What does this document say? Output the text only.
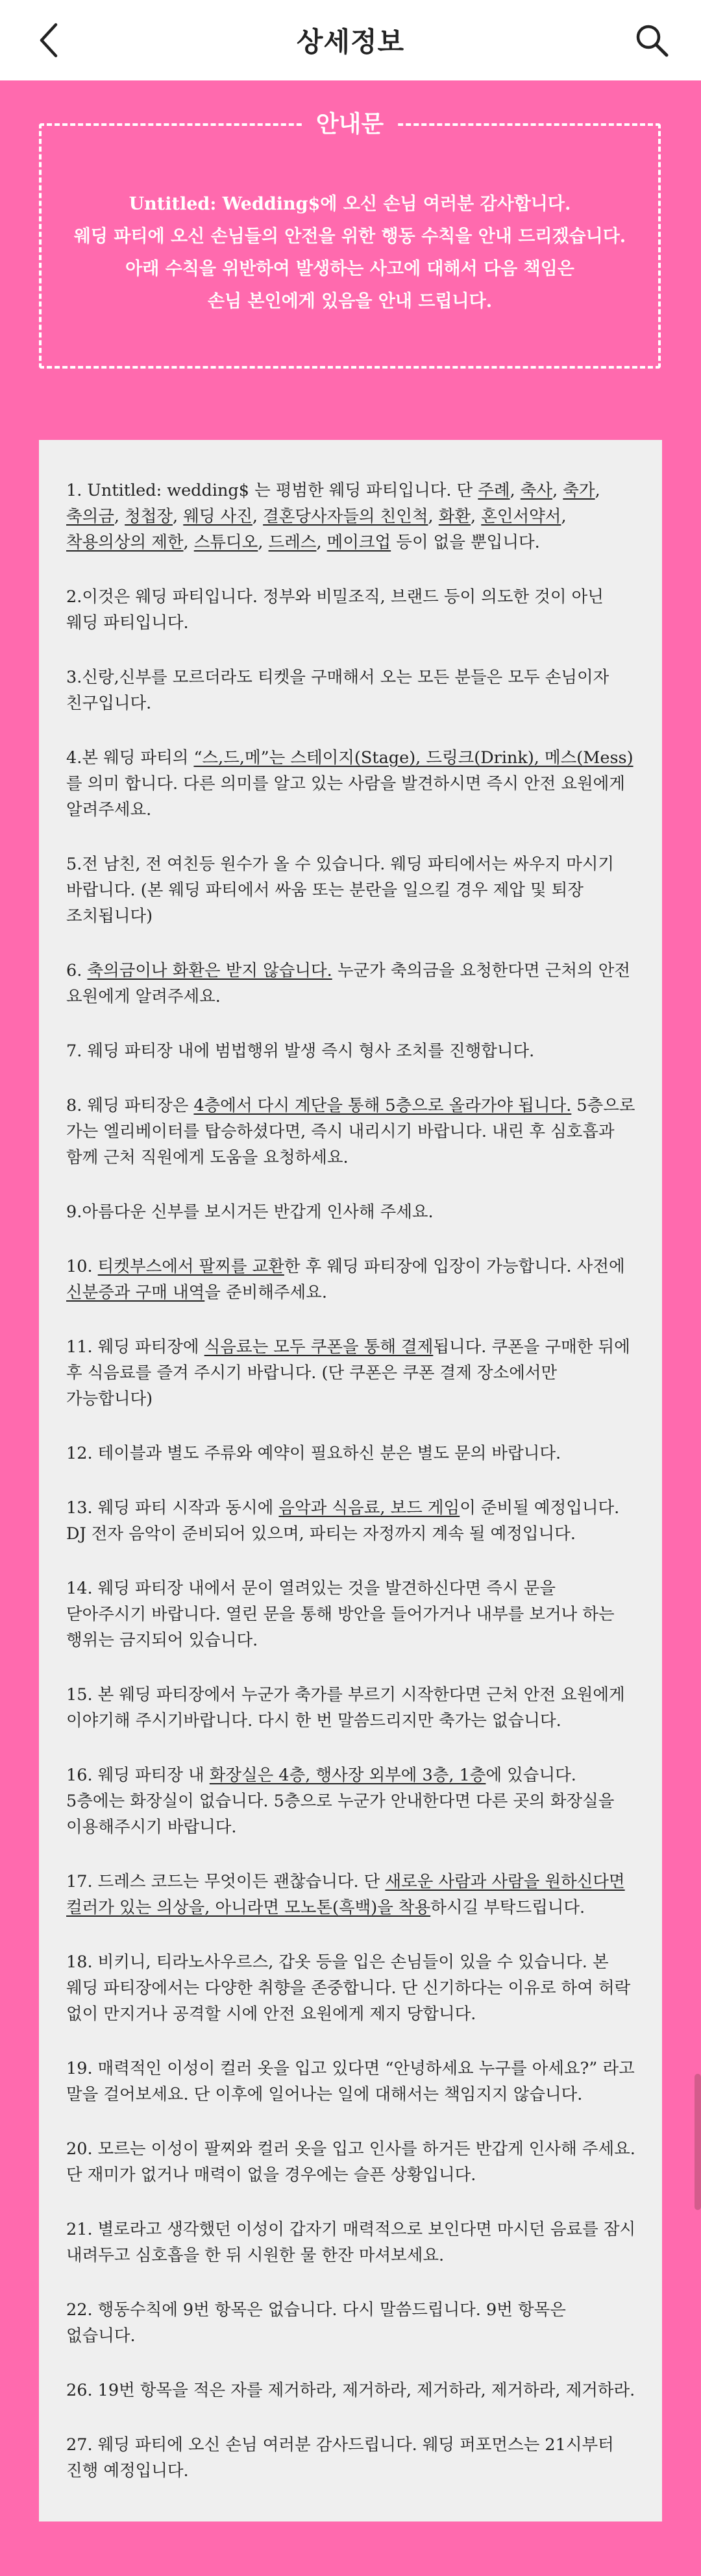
상세정보
안내문
Untitled: Wedding$에 오신 손님 여러분 감사합니다.
웨딩 파티에 오신 손님들의 안전을 위한 행동 수칙을 안내 드리겠습니다.
아래 수칙을 위반하여 발생하는 사고에 대해서 다음 책임은
손님 본인에게 있음을 안내 드립니다.
1. Untitled: wedding$ 는 평범한 웨딩 파티입니다. 단 주례, 축사, 축가, 축의금, 청첩장, 웨딩 사진, 결혼당사자들의 친인척, 화환, 혼인서약서, 착용의상의 제한, 스튜디오, 드레스, 메이크업 등이 없을 뿐입니다.
2.이것은 웨딩 파티입니다. 정부와 비밀조직, 브랜드 등이 의도한 것이 아닌 웨딩 파티입니다.
3.신랑,신부를 모르더라도 티켓을 구매해서 오는 모든 분들은 모두 손님이자 친구입니다.
4.본 웨딩 파티의 “스,드,메”는 스테이지(Stage), 드링크(Drink), 메스(Mess)를 의미 합니다. 다른 의미를 알고 있는 사람을 발견하시면 즉시 안전 요원에게 알려주세요.
5.전 남친, 전 여친등 원수가 올 수 있습니다. 웨딩 파티에서는 싸우지 마시기 바랍니다. (본 웨딩 파티에서 싸움 또는 분란을 일으킬 경우 제압 및 퇴장 조치됩니다)
6. 축의금이나 화환은 받지 않습니다. 누군가 축의금을 요청한다면 근처의 안전 요원에게 알려주세요.
7. 웨딩 파티장 내에 범법행위 발생 즉시 형사 조치를 진행합니다.
8. 웨딩 파티장은 4층에서 다시 계단을 통해 5층으로 올라가야 됩니다. 5층으로 가는 엘리베이터를 탑승하셨다면, 즉시 내리시기 바랍니다. 내린 후 심호흡과 함께 근처 직원에게 도움을 요청하세요.
9.아름다운 신부를 보시거든 반갑게 인사해 주세요.
10. 티켓부스에서 팔찌를 교환한 후 웨딩 파티장에 입장이 가능합니다. 사전에 신분증과 구매 내역을 준비해주세요.
11. 웨딩 파티장에 식음료는 모두 쿠폰을 통해 결제됩니다. 쿠폰을 구매한 뒤에 후 식음료를 즐겨 주시기 바랍니다. (단 쿠폰은 쿠폰 결제 장소에서만 가능합니다)
12. 테이블과 별도 주류와 예약이 필요하신 분은 별도 문의 바랍니다.
13. 웨딩 파티 시작과 동시에 음악과 식음료, 보드 게임이 준비될 예정입니다. DJ 전자 음악이 준비되어 있으며, 파티는 자정까지 계속 될 예정입니다.
14. 웨딩 파티장 내에서 문이 열려있는 것을 발견하신다면 즉시 문을 닫아주시기 바랍니다. 열린 문을 통해 방안을 들어가거나 내부를 보거나 하는 행위는 금지되어 있습니다.
15. 본 웨딩 파티장에서 누군가 축가를 부르기 시작한다면 근처 안전 요원에게 이야기해 주시기바랍니다. 다시 한 번 말씀드리지만 축가는 없습니다.
16. 웨딩 파티장 내 화장실은 4층, 행사장 외부에 3층, 1층에 있습니다. 5층에는 화장실이 없습니다. 5층으로 누군가 안내한다면 다른 곳의 화장실을 이용해주시기 바랍니다.
17. 드레스 코드는 무엇이든 괜찮습니다. 단 새로운 사람과 사람을 원하신다면 컬러가 있는 의상을, 아니라면 모노톤(흑백)을 착용하시길 부탁드립니다.
18. 비키니, 티라노사우르스, 갑옷 등을 입은 손님들이 있을 수 있습니다. 본 웨딩 파티장에서는 다양한 취향을 존중합니다. 단 신기하다는 이유로 하여 허락 없이 만지거나 공격할 시에 안전 요원에게 제지 당합니다.
19. 매력적인 이성이 컬러 옷을 입고 있다면 “안녕하세요 누구를 아세요?” 라고 말을 걸어보세요. 단 이후에 일어나는 일에 대해서는 책임지지 않습니다.
20. 모르는 이성이 팔찌와 컬러 옷을 입고 인사를 하거든 반갑게 인사해 주세요. 단 재미가 없거나 매력이 없을 경우에는 슬픈 상황입니다.
21. 별로라고 생각했던 이성이 갑자기 매력적으로 보인다면 마시던 음료를 잠시 내려두고 심호흡을 한 뒤 시원한 물 한잔 마셔보세요.
22. 행동수칙에 9번 항목은 없습니다. 다시 말씀드립니다. 9번 항목은 없습니다.
26. 19번 항목을 적은 자를 제거하라, 제거하라, 제거하라, 제거하라, 제거하라.
27. 웨딩 파티에 오신 손님 여러분 감사드립니다. 웨딩 퍼포먼스는 21시부터 진행 예정입니다.
